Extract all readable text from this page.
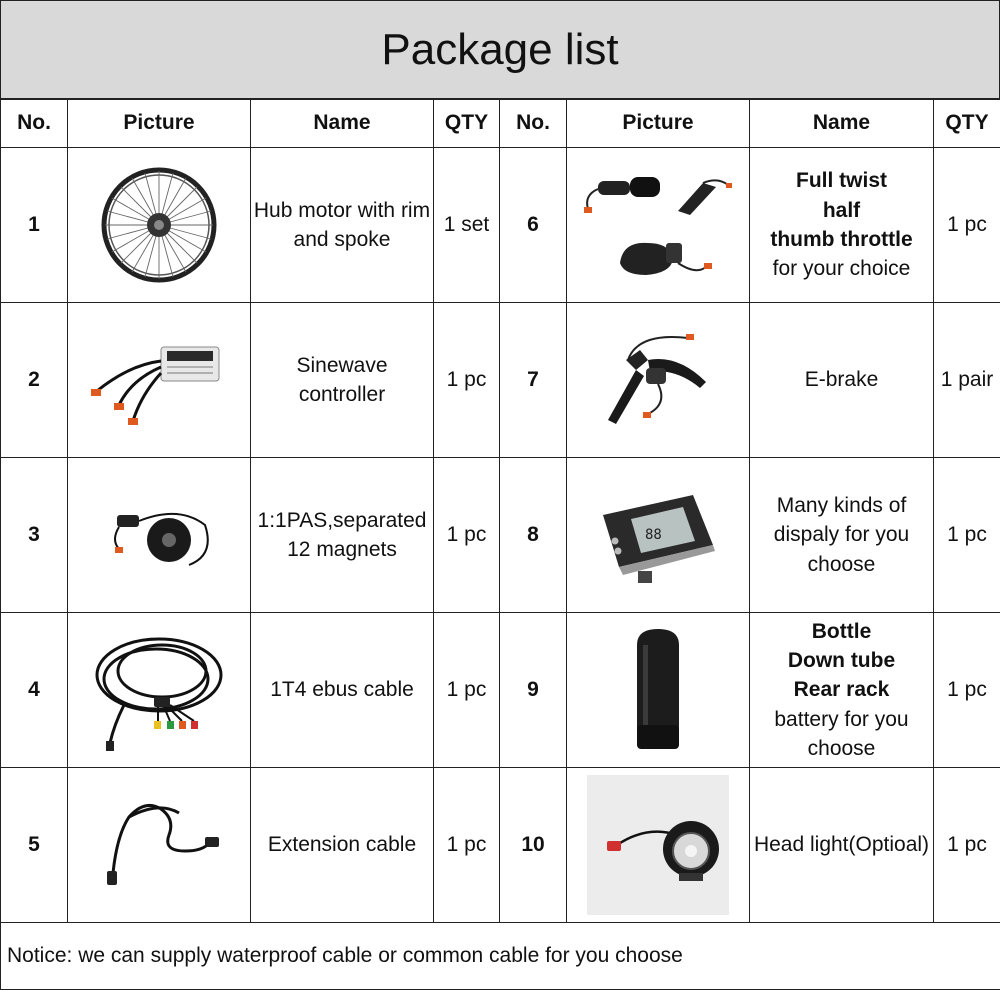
Package list
No.	Picture	Name	QTY	No.	Picture	Name	QTY
1		Hub motor with rim and spoke	1 set	6		Full twist
half
thumb throttle
for your choice	1 pc
2		Sinewave controller	1 pc	7		E-brake	1 pair
3		1:1PAS,separated 12 magnets	1 pc	8	88	Many kinds of dispaly for you choose	1 pc
4		1T4 ebus cable	1 pc	9		Bottle
Down tube
Rear rack
battery for you
choose	1 pc
5		Extension cable	1 pc	10		Head light(Optioal)	1 pc
Notice: we can supply waterproof cable or common cable for you choose							
